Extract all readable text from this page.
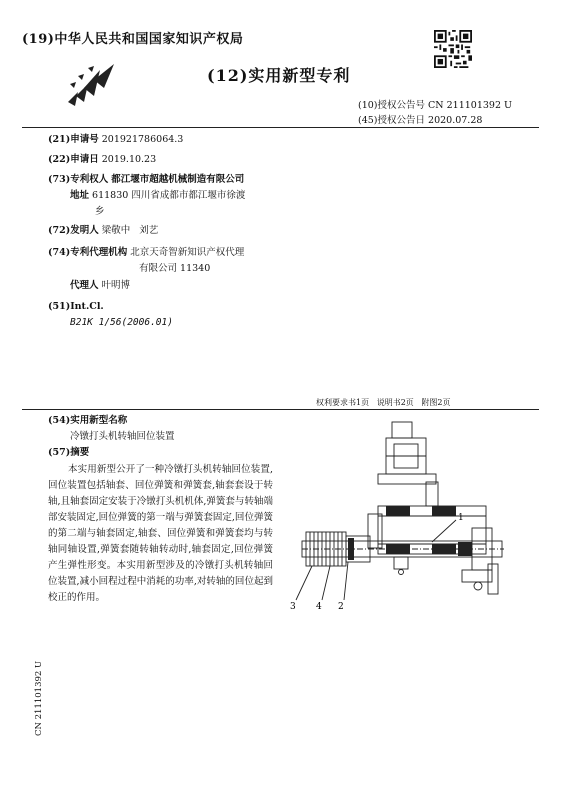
(19)中华人民共和国国家知识产权局
(12)实用新型专利
(10)授权公告号 CN 211101392 U
(45)授权公告日 2020.07.28
(21)申请号 201921786064.3
(22)申请日 2019.10.23
(73)专利权人 都江堰市超越机械制造有限公司
地址 611830 四川省成都市都江堰市徐渡
乡
(72)发明人 梁敬中   刘艺
(74)专利代理机构 北京天奇智新知识产权代理
有限公司 11340
代理人 叶明博
(51)Int.Cl.
B21K 1/56(2006.01)
权利要求书1页   说明书2页   附图2页
(54)实用新型名称
冷镦打头机转轴回位装置
(57)摘要
本实用新型公开了一种冷镦打头机转轴回位装置,回位装置包括轴套、回位弹簧和弹簧套,轴套套设于转轴,且轴套固定安装于冷镦打头机机体,弹簧套与转轴端部安装固定,回位弹簧的第一端与弹簧套固定,回位弹簧的第二端与轴套固定,轴套、回位弹簧和弹簧套均与转轴同轴设置,弹簧套随转轴转动时,轴套固定,回位弹簧产生弹性形变。本实用新型涉及的冷镦打头机转轴回位装置,减小回程过程中消耗的功率,对转轴的回位起到校正的作用。
3 4 2
1
CN 211101392 U
